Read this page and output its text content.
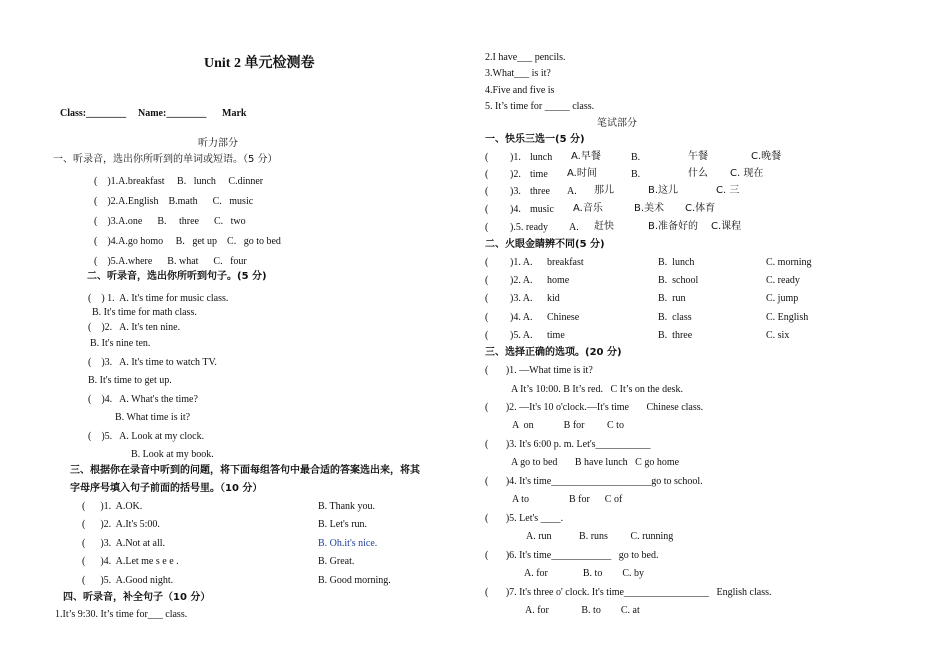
Unit 2 单元检测卷
Class:________ Name:________ Mark
听力部分
一、听录音，选出你所听到的单词或短语。（5 分）
(    )1.A.breakfast     B.   lunch     C.dinner
(    )2.A.English    B.math      C.   music
(    )3.A.one      B.     three      C.   two
(    )4.A.go homo     B.   get up    C.   go to bed
(    )5.A.where      B. what      C.   four
二、听录音，选出你所听到句子。(5 分)
(    ) 1.  A. It's time for music class.
B. It's time for math class.
(    )2.   A. It's ten nine.
B. It's nine ten.
(    )3.   A. It's time to watch TV.
B. It's time to get up.
(    )4.   A. What's the time?
B. What time is it?
(    )5.   A. Look at my clock.
B. Look at my book.
三、根据你在录音中听到的问题，将下面每组答句中最合适的答案选出来，将其
字母序号填入句子前面的括号里。（10 分）
(      )1.  A.OK.	B. Thank you.
(      )2.  A.It's 5:00.	B. Let's run.
(      )3.  A.Not at all.	B. Oh.it's nice.
(      )4.  A.Let me s e e .	B. Great.
(      )5.  A.Good night.	B. Good morning.
四、听录音，补全句子（10 分）
1.It’s 9:30. It’s time for___ class.
2.I have___ pencils.
3.What___ is it?
4.Five and five is
5. It’s time for _____ class.
笔试部分
一、快乐三选一(5 分)
( )1. lunch A.早餐	B.	午餐	C.晚餐
( )2. time A.时间	B.	什么 C. 现在
( )3. three A. 那儿	B.这儿	C. 三
( )4. music A.音乐	B.美术 C.体育
( ).5. ready A. 赶快	B.准备好的 C.课程
二、火眼金睛辨不同(5 分)
( )1. A. breakfast	B.  lunch	C. morning
( )2. A. home	B.  school	C. ready
( )3. A. kid	B.  run	C. jump
( )4. A. Chinese	B.  class	C. English
( )5. A. time	B.  three	C. six
三、选择正确的选项。(20 分)
(       )1. —What time is it?
A It’s 10:00. B It’s red.   C It’s on the desk.
(       )2. —It's 10 o'clock.—It's time       Chinese class.
A  on            B for         C to
(       )3. It's 6:00 p. m. Let's___________
A go to bed       B have lunch   C go home
(       )4. It's time____________________go to school.
A to                B for      C of
(       )5. Let's ____.
A. run           B. runs         C. running
(       )6. It's time____________   go to bed.
A. for              B. to        C. by
(       )7. It's three o' clock. It's time_________________   English class.
A. for             B. to        C. at
